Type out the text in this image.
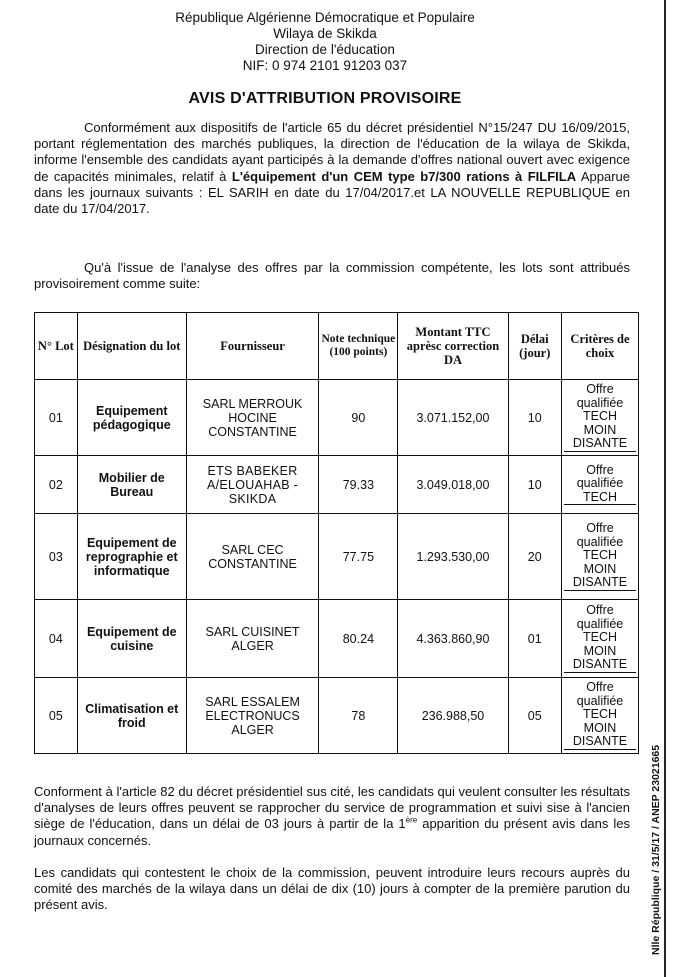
République Algérienne Démocratique et Populaire
Wilaya de Skikda
Direction de l'éducation
NIF: 0 974 2101 91203 037
AVIS D'ATTRIBUTION PROVISOIRE
Conformément aux dispositifs de l'article 65 du décret présidentiel N°15/247 DU 16/09/2015, portant réglementation des marchés publiques, la direction de l'éducation de la wilaya de Skikda, informe l'ensemble des candidats ayant participés à la demande d'offres national ouvert avec exigence de capacités minimales, relatif à L'équipement d'un CEM type b7/300 rations à FILFILA Apparue dans les journaux suivants : EL SARIH en date du 17/04/2017.et LA NOUVELLE REPUBLIQUE en date du 17/04/2017.
Qu'à l'issue de l'analyse des offres par la commission compétente, les lots sont attribués provisoirement comme suite:
N° Lot	Désignation du lot	Fournisseur	Note technique (100 points)	Montant TTC aprèsc correction DA	Délai (jour)	Critères de choix
01	Equipement pédagogique	SARL MERROUK HOCINE CONSTANTINE	90	3.071.152,00	10	Offre
qualifiée
TECH
MOIN
DISANTE

02	Mobilier de Bureau	ETS BABEKER A/ELOUAHAB - SKIKDA	79.33	3.049.018,00	10	Offre
qualifiée
TECH

03	Equipement de reprographie et informatique	SARL CEC CONSTANTINE	77.75	1.293.530,00	20	Offre
qualifiée
TECH
MOIN
DISANTE

04	Equipement de cuisine	SARL CUISINET ALGER	80.24	4.363.860,90	01	Offre
qualifiée
TECH
MOIN
DISANTE

05	Climatisation et froid	SARL ESSALEM ELECTRONUCS ALGER	78	236.988,50	05	Offre
qualifiée
TECH
MOIN
DISANTE
Conforment à l'article 82 du décret présidentiel sus cité, les candidats qui veulent consulter les résultats d'analyses de leurs offres peuvent se rapprocher du service de programmation et suivi sise à l'ancien siège de l'éducation, dans un délai de 03 jours à partir de la 1ère apparition du présent avis dans les journaux concernés.
Les candidats qui contestent le choix de la commission, peuvent introduire leurs recours auprès du comité des marchés de la wilaya dans un délai de dix (10) jours à compter de la première parution du présent avis.	Nlle République / 31/5/17 / ANEP 23021665
